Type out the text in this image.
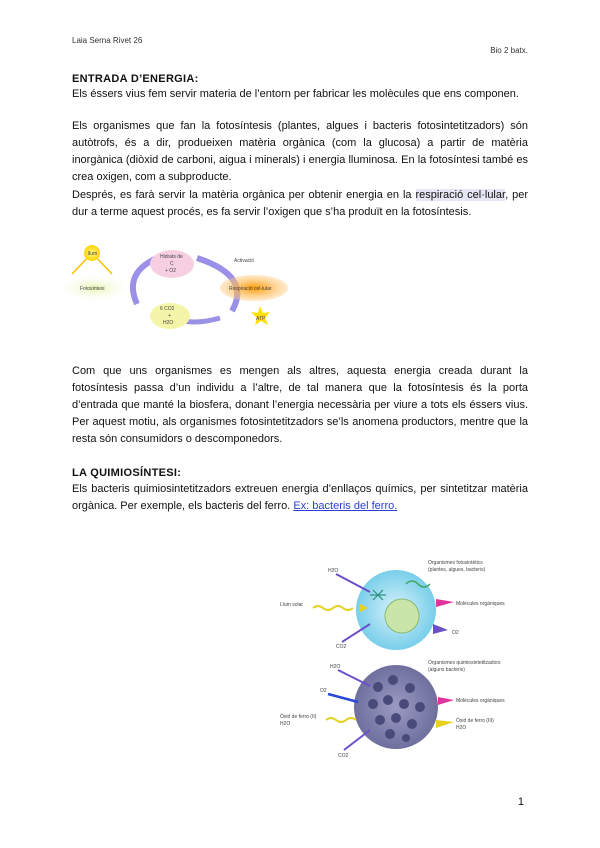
Laia Serna Rivet 26
Bio 2 batx.
ENTRADA D’ENERGIA:
Els éssers vius fem servir materia de l’entorn per fabricar les molècules que ens componen.
Els organismes que fan la fotosíntesis (plantes, algues i bacteris fotosintetitzadors) són autòtrofs, és a dir, produeixen matèria orgànica (com la glucosa) a partir de matèria inorgànica (diòxid de carboni, aigua i minerals) i energia lluminosa. En la fotosíntesi també es crea oxigen, com a subproducte.
Després, es farà servir la matèria orgànica per obtenir energia en la respiració cel·lular, per dur a terme aquest procés, es fa servir l’oxigen que s’ha produït en la fotosíntesis.
llum
Fotosíntesi
Hidrats de
C
+ O2
6 CO2
+
H2O
Respiració cel·lular
Activació
ATP
Com que uns organismes es mengen als altres, aquesta energia creada durant la fotosíntesis passa d’un individu a l’altre, de tal manera que la fotosíntesis és la porta d’entrada que manté la biosfera, donant l’energia necessària per viure a tots els éssers vius. Per aquest motiu, als organismes fotosintetitzadors se’ls anomena productors, mentre que la resta són consumidors o descomponedors.
LA QUIMIOSÍNTESI:
Els bacteris quimiosintetitzadors extreuen energia d’enllaços químics, per sintetitzar matèria orgànica. Per exemple, els bacteris del ferro. Ex: bacteris del ferro.
H2O
Llum solar
CO2
Molècules orgàniques
O2
Organismes fotosintètics
(plantes, algues, bacteris)
H2O
O2
Òxid de ferro (II)
H2O
CO2
Molècules orgàniques
Òxid de ferro (III)
H2O
Organismes quimiosintetitzadors
(alguns bacteris)
1
